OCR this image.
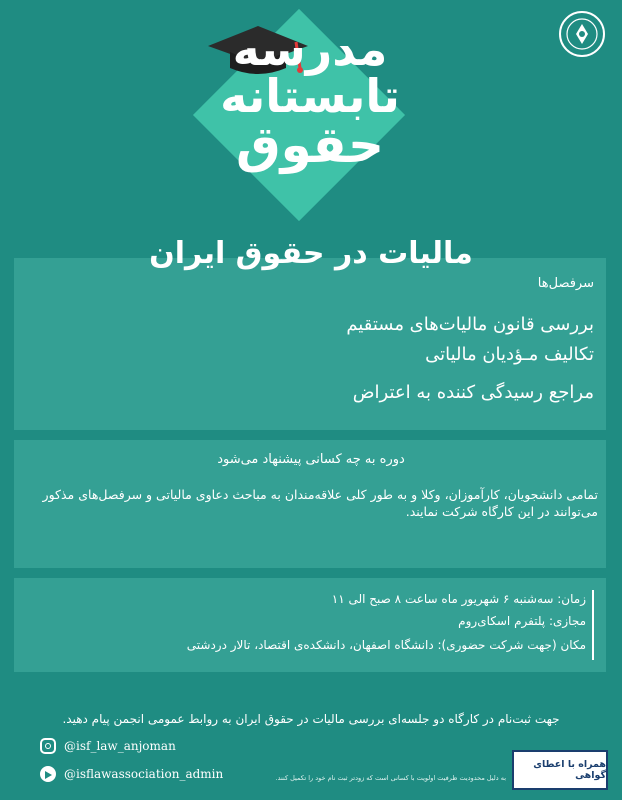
مدرسه
تابستانه
حقوق
مالیات در حقوق ایران
سرفصل‌ها
بررسی قانون مالیات‌های مستقیم
تکالیف مـؤدیان مالیاتی
مراجع رسیدگی کننده به اعتراض
دوره به چه کسانی پیشنهاد می‌شود
تمامی دانشجویان، کارآموزان، وکلا و به طور کلی علاقه‌مندان به مباحث دعاوی مالیاتی و سرفصل‌های مذکور می‌توانند در این کارگاه شرکت نمایند.
زمان: سه‌شنبه ۶ شهریور ماه ساعت ۸ صبح الی ۱۱
مجازی: پلتفرم اسکای‌روم
مکان (جهت شرکت حضوری): دانشگاه اصفهان، دانشکده‌ی اقتصاد، تالار دردشتی
جهت ثبت‌نام در کارگاه دو جلسه‌ای بررسی مالیات در حقوق ایران به روابط عمومی انجمن پیام دهید.
@isf_law_anjoman
@isflawassociation_admin	به دلیل محدودیت ظرفیت اولویت با کسانی است که زودتر ثبت نام خود را تکمیل کنند.
همراه با اعطای گواهی
